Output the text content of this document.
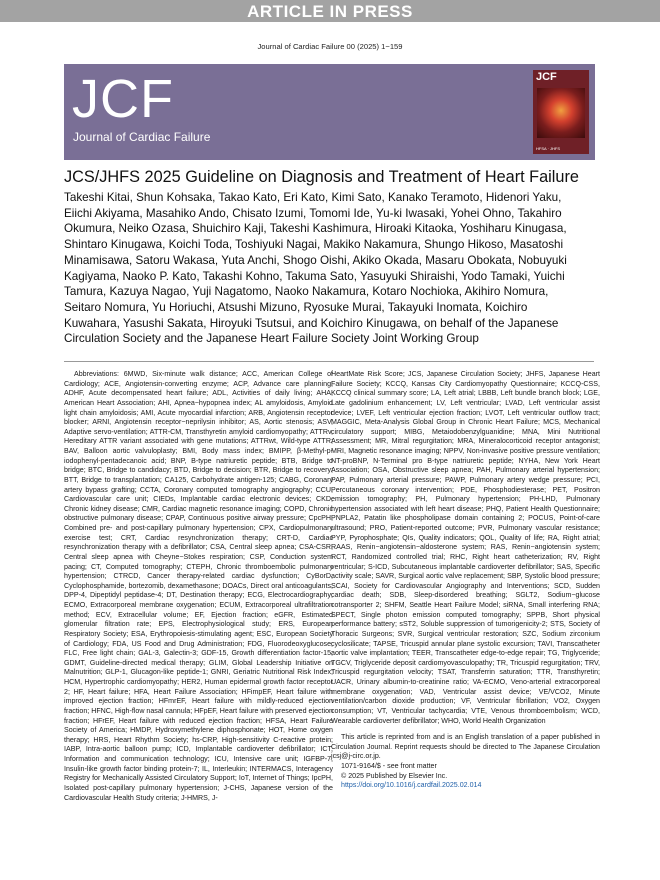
ARTICLE IN PRESS
Journal of Cardiac Failure 00 (2025) 1−159
JCF
Journal of Cardiac Failure
JCF
HFSA · JHFS
JCS/JHFS 2025 Guideline on Diagnosis and Treatment of Heart Failure
Takeshi Kitai, Shun Kohsaka, Takao Kato, Eri Kato, Kimi Sato, Kanako Teramoto, Hidenori Yaku, Eiichi Akiyama, Masahiko Ando, Chisato Izumi, Tomomi Ide, Yu-ki Iwasaki, Yohei Ohno, Takahiro Okumura, Neiko Ozasa, Shuichiro Kaji, Takeshi Kashimura, Hiroaki Kitaoka, Yoshiharu Kinugasa, Shintaro Kinugawa, Koichi Toda, Toshiyuki Nagai, Makiko Nakamura, Shungo Hikoso, Masatoshi Minamisawa, Satoru Wakasa, Yuta Anchi, Shogo Oishi, Akiko Okada, Masaru Obokata, Nobuyuki Kagiyama, Naoko P. Kato, Takashi Kohno, Takuma Sato, Yasuyuki Shiraishi, Yodo Tamaki, Yuichi Tamura, Kazuya Nagao, Yuji Nagatomo, Naoko Nakamura, Kotaro Nochioka, Akihiro Nomura, Seitaro Nomura, Yu Horiuchi, Atsushi Mizuno, Ryosuke Murai, Takayuki Inomata, Koichiro Kuwahara, Yasushi Sakata, Hiroyuki Tsutsui, and Koichiro Kinugawa, on behalf of the Japanese Circulation Society and the Japanese Heart Failure Society Joint Working Group

Abbreviations: 6MWD, Six-minute walk distance; ACC, American College of Cardiology; ACE, Angiotensin-converting enzyme; ACP, Advance care planning; ADHF, Acute decompensated heart failure; ADL, Activities of daily living; AHA, American Heart Association; AHI, Apnea−hypopnea index; AL amyloidosis, Amyloid light chain amyloidosis; AMI, Acute myocardial infarction; ARB, Angiotensin receptor blocker; ARNI, Angiotensin receptor−neprilysin inhibitor; AS, Aortic stenosis; ASV, Adaptive servo-ventilation; ATTR-CM, Transthyretin amyloid cardiomyopathy; ATTRv, Hereditary ATTR variant associated with gene mutations; ATTRwt, Wild-type ATTR; BAV, Balloon aortic valvuloplasty; BMI, Body mass index; BMIPP, β-Methyl-p-iodophenyl-pentadecanoic acid; BNP, B-type natriuretic peptide; BTB, Bridge to bridge; BTC, Bridge to candidacy; BTD, Bridge to decision; BTR, Bridge to recovery; BTT, Bridge to transplantation; CA125, Carbohydrate antigen-125; CABG, Coronary artery bypass grafting; CCTA, Coronary computed tomography angiography; CCU, Cardiovascular care unit; CIEDs, Implantable cardiac electronic devices; CKD, Chronic kidney disease; CMR, Cardiac magnetic resonance imaging; COPD, Chronic obstructive pulmonary disease; CPAP, Continuous positive airway pressure; CpcPH, Combined pre- and post-capillary pulmonary hypertension; CPX, Cardiopulmonary exercise test; CRT, Cardiac resynchronization therapy; CRT-D, Cardiac resynchronization therapy with a defibrillator; CSA, Central sleep apnea; CSA-CSR, Central sleep apnea with Cheyne−Stokes respiration; CSP, Conduction system pacing; CT, Computed tomography; CTEPH, Chronic thromboembolic pulmonary hypertension; CTRCD, Cancer therapy-related cardiac dysfunction; CyBorD, Cyclophosphamide, bortezomib, dexamethasone; DOACs, Direct oral anticoagulants; DPP-4, Dipeptidyl peptidase-4; DT, Destination therapy; ECG, Electrocardiography; ECMO, Extracorporeal membrane oxygenation; ECUM, Extracorporeal ultrafiltration method; ECV, Extracellular volume; EF, Ejection fraction; eGFR, Estimated glomerular filtration rate; EPS, Electrophysiological study; ERS, European Respiratory Society; ESA, Erythropoiesis-stimulating agent; ESC, European Society of Cardiology; FDA, US Food and Drug Administration; FDG, Fluorodeoxyglucose; FLC, Free light chain; GAL-3, Galectin-3; GDF-15, Growth differentiation factor-15; GDMT, Guideline-directed medical therapy; GLIM, Global Leadership Initiative on Malnutrition; GLP-1, Glucagon-like peptide-1; GNRI, Geriatric Nutritional Risk Index; HCM, Hypertrophic cardiomyopathy; HER2, Human epidermal growth factor receptor 2; HF, Heart failure; HFA, Heart Failure Association; HFimpEF, Heart failure with improved ejection fraction; HFmrEF, Heart failure with mildly-reduced ejection fraction; HFNC, High-flow nasal cannula; HFpEF, Heart failure with preserved ejection fraction; HFrEF, Heart failure with reduced ejection fraction; HFSA, Heart Failure Society of America; HMDP, Hydroxymethylene diphosphonate; HOT, Home oxygen therapy; HRS, Heart Rhythm Society; hs-CRP, High-sensitivity C-reactive protein; IABP, Intra-aortic balloon pump; ICD, Implantable cardioverter defibrillator; ICT, Information and communication technology; ICU, Intensive care unit; IGFBP-7, Insulin-like growth factor binding protein-7; IL, Interleukin; INTERMACS, Interagency Registry for Mechanically Assisted Circulatory Support; IoT, Internet of Things; IpcPH, Isolated post-capillary pulmonary hypertension; J-CHS, Japanese version of the Cardiovascular Health Study criteria; J-HMRS, J-

HeartMate Risk Score; JCS, Japanese Circulation Society; JHFS, Japanese Heart Failure Society; KCCQ, Kansas City Cardiomyopathy Questionnaire; KCCQ-CSS, KCCQ clinical summary score; LA, Left atrial; LBBB, Left bundle branch block; LGE, Late gadolinium enhancement; LV, Left ventricular; LVAD, Left ventricular assist device; LVEF, Left ventricular ejection fraction; LVOT, Left ventricular outflow tract; MAGGIC, Meta-Analysis Global Group in Chronic Heart Failure; MCS, Mechanical circulatory support; MIBG, Metaiodobenzylguanidine; MNA, Mini Nutritional Assessment; MR, Mitral regurgitation; MRA, Mineralocorticoid receptor antagonist; MRI, Magnetic resonance imaging; NPPV, Non-invasive positive pressure ventilation; NT-proBNP, N-Terminal pro B-type natriuretic peptide; NYHA, New York Heart Association; OSA, Obstructive sleep apnea; PAH, Pulmonary arterial hypertension; PAP, Pulmonary arterial pressure; PAWP, Pulmonary artery wedge pressure; PCI, Percutaneous coronary intervention; PDE, Phosphodiesterase; PET, Positron emission tomography; PH, Pulmonary hypertension; PH-LHD, Pulmonary hypertension associated with left heart disease; PHQ, Patient Health Questionnaire; PNPLA2, Patatin like phospholipase domain containing 2; POCUS, Point-of-care ultrasound; PRO, Patient-reported outcome; PVR, Pulmonary vascular resistance; PYP, Pyrophosphate; QIs, Quality indicators; QOL, Quality of life; RA, Right atrial; RAAS, Renin−angiotensin−aldosterone system; RAS, Renin−angiotensin system; RCT, Randomized controlled trial; RHC, Right heart catheterization; RV, Right ventricular; S-ICD, Subcutaneous implantable cardioverter defibrillator; SAS, Specific activity scale; SAVR, Surgical aortic valve replacement; SBP, Systolic blood pressure; SCAI, Society for Cardiovascular Angiography and Interventions; SCD, Sudden cardiac death; SDB, Sleep-disordered breathing; SGLT2, Sodium−glucose cotransporter 2; SHFM, Seattle Heart Failure Model; siRNA, Small interfering RNA; SPECT, Single photon emission computed tomography; SPPB, Short physical performance battery; sST2, Soluble suppression of tumorigenicity-2; STS, Society of Thoracic Surgeons; SVR, Surgical ventricular restoration; SZC, Sodium zirconium cyclosilicate; TAPSE, Tricuspid annular plane systolic excursion; TAVI, Transcatheter aortic valve implantation; TEER, Transcatheter edge-to-edge repair; TG, Triglyceride; TGCV, Triglyceride deposit cardiomyovasculopathy; TR, Tricuspid regurgitation; TRV, Tricuspid regurgitation velocity; TSAT, Transferrin saturation; TTR, Transthyretin; UACR, Urinary albumin-to-creatinine ratio; VA-ECMO, Veno-arterial extracorporeal membrane oxygenation; VAD, Ventricular assist device; VE/VCO2, Minute ventilation/carbon dioxide production; VF, Ventricular fibrillation; VO2, Oxygen consumption; VT, Ventricular tachycardia; VTE, Venous thromboembolism; WCD, Wearable cardioverter defibrillator; WHO, World Health Organization

This article is reprinted from and is an English translation of a paper published in Circulation Journal. Reprint requests should be directed to The Japanese Circulation jcsj@j-circ.or.jp.

1071-9164/$ - see front matter

© 2025 Published by Elsevier Inc.

https://doi.org/10.1016/j.cardfail.2025.02.014
